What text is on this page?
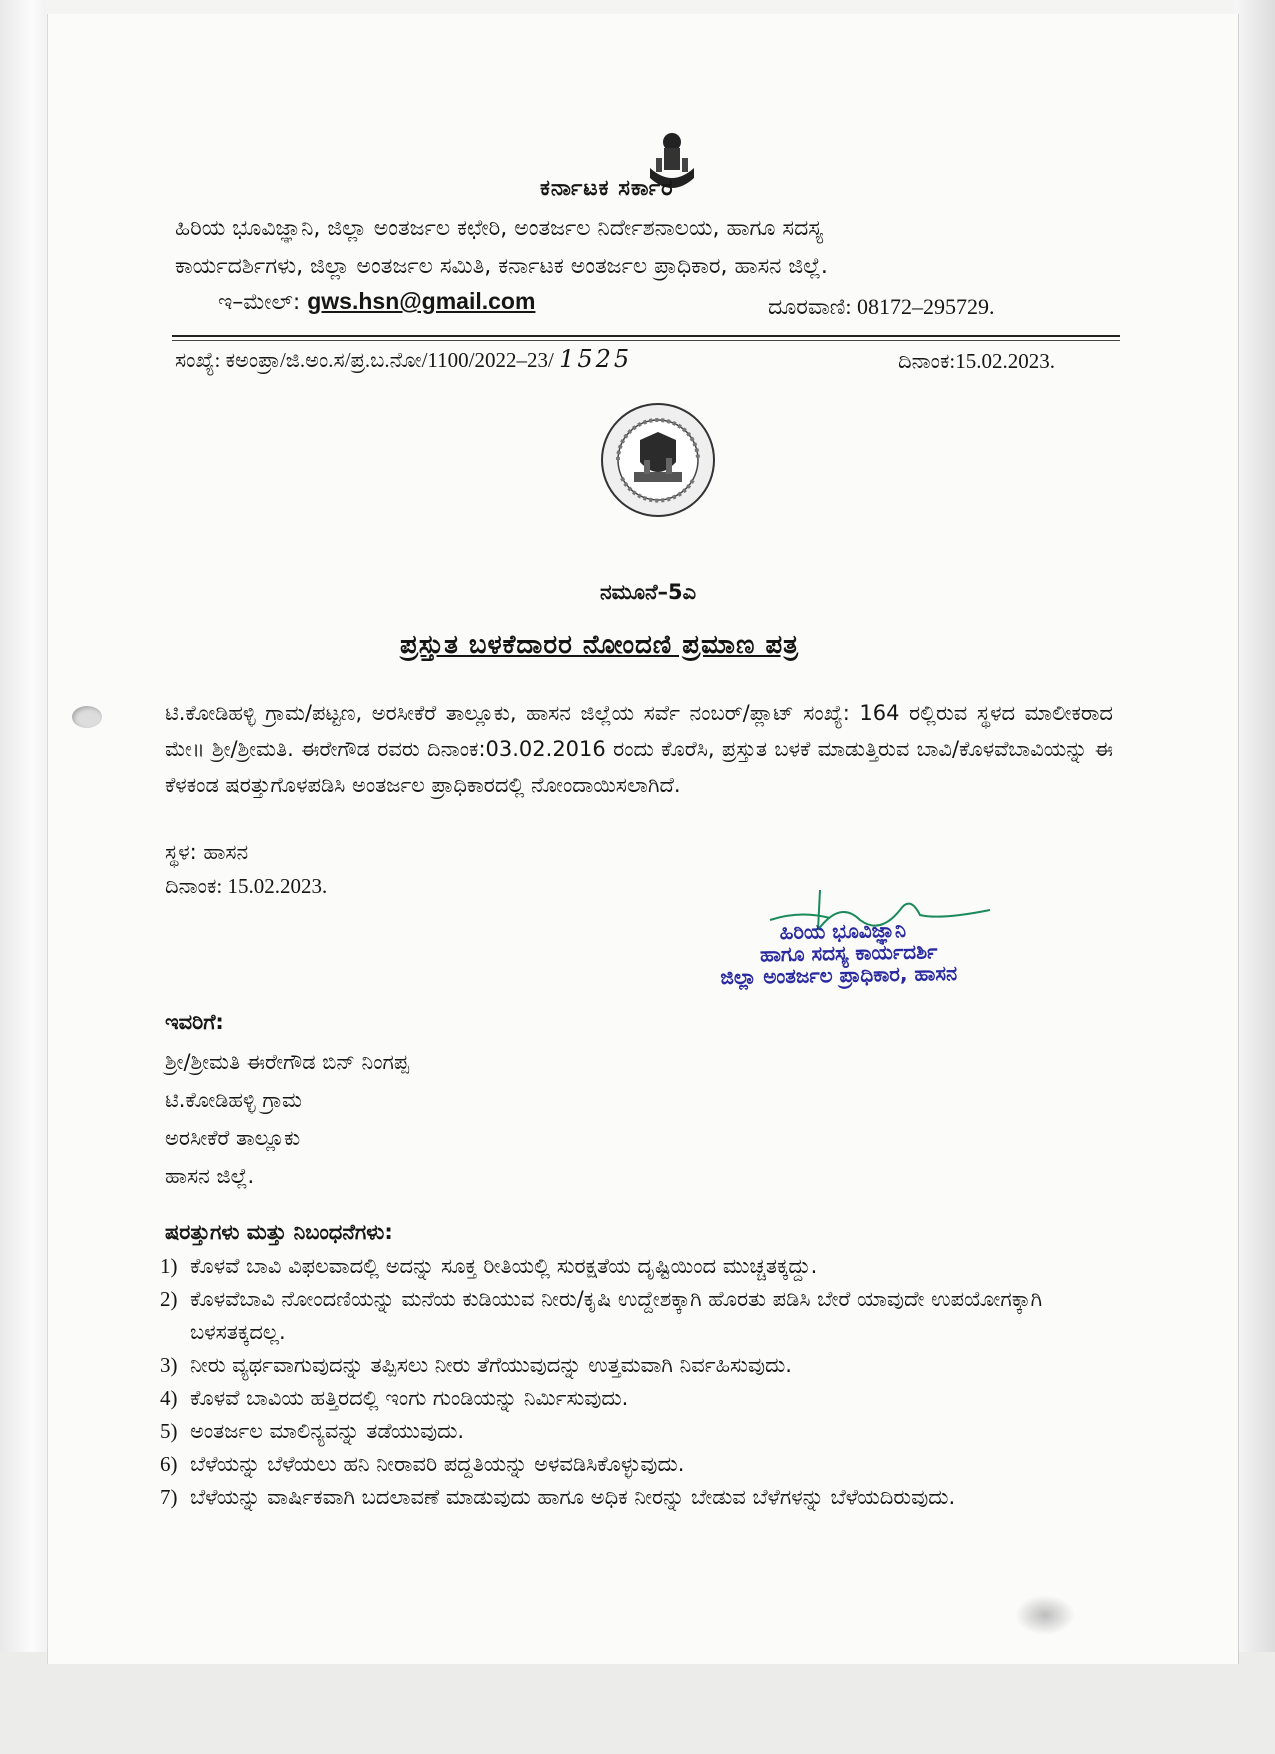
ಕರ್ನಾಟಕ ಸರ್ಕಾರ
ಹಿರಿಯ ಭೂವಿಜ್ಞಾನಿ, ಜಿಲ್ಲಾ ಅಂತರ್ಜಲ ಕಛೇರಿ, ಅಂತರ್ಜಲ ನಿರ್ದೇಶನಾಲಯ, ಹಾಗೂ ಸದಸ್ಯ
ಕಾರ್ಯದರ್ಶಿಗಳು, ಜಿಲ್ಲಾ ಅಂತರ್ಜಲ ಸಮಿತಿ, ಕರ್ನಾಟಕ ಅಂತರ್ಜಲ ಪ್ರಾಧಿಕಾರ, ಹಾಸನ ಜಿಲ್ಲೆ.
ಇ–ಮೇಲ್: gws.hsn@gmail.com	ದೂರವಾಣಿ: 08172–295729.
ಸಂಖ್ಯೆ: ಕಅಂಪ್ರಾ/ಜಿ.ಅಂ.ಸ/ಪ್ರ.ಬ.ನೋ/1100/2022–23/ 1525	ದಿನಾಂಕ:15.02.2023.
ನಮೂನೆ–5ಎ
ಪ್ರಸ್ತುತ ಬಳಕೆದಾರರ ನೋಂದಣಿ ಪ್ರಮಾಣ ಪತ್ರ
ಟಿ.ಕೋಡಿಹಳ್ಳಿ ಗ್ರಾಮ/ಪಟ್ಟಣ, ಅರಸೀಕೆರೆ ತಾಲ್ಲೂಕು, ಹಾಸನ ಜಿಲ್ಲೆಯ ಸರ್ವೆ ನಂಬರ್/ಪ್ಲಾಟ್ ಸಂಖ್ಯೆ: 164 ರಲ್ಲಿರುವ ಸ್ಥಳದ ಮಾಲೀಕರಾದ ಮೇ॥ ಶ್ರೀ/ಶ್ರೀಮತಿ. ಈರೇಗೌಡ ರವರು ದಿನಾಂಕ:03.02.2016 ರಂದು ಕೊರೆಸಿ, ಪ್ರಸ್ತುತ ಬಳಕೆ ಮಾಡುತ್ತಿರುವ ಬಾವಿ/ಕೊಳವೆಬಾವಿಯನ್ನು ಈ ಕೆಳಕಂಡ ಷರತ್ತುಗೊಳಪಡಿಸಿ ಅಂತರ್ಜಲ ಪ್ರಾಧಿಕಾರದಲ್ಲಿ ನೋಂದಾಯಿಸಲಾಗಿದೆ.
ಸ್ಥಳ: ಹಾಸನ
ದಿನಾಂಕ: 15.02.2023.
ಹಿರಿಯ ಭೂವಿಜ್ಞಾನಿ
ಹಾಗೂ ಸದಸ್ಯ ಕಾರ್ಯದರ್ಶಿ
ಜಿಲ್ಲಾ ಅಂತರ್ಜಲ ಪ್ರಾಧಿಕಾರ, ಹಾಸನ
ಇವರಿಗೆ:
ಶ್ರೀ/ಶ್ರೀಮತಿ ಈರೇಗೌಡ ಬಿನ್ ನಿಂಗಪ್ಪ
ಟಿ.ಕೋಡಿಹಳ್ಳಿ ಗ್ರಾಮ
ಅರಸೀಕೆರೆ ತಾಲ್ಲೂಕು
ಹಾಸನ ಜಿಲ್ಲೆ.
ಷರತ್ತುಗಳು ಮತ್ತು ನಿಬಂಧನೆಗಳು:
1) ಕೊಳವೆ ಬಾವಿ ವಿಫಲವಾದಲ್ಲಿ ಅದನ್ನು ಸೂಕ್ತ ರೀತಿಯಲ್ಲಿ ಸುರಕ್ಷತೆಯ ದೃಷ್ಟಿಯಿಂದ ಮುಚ್ಚತಕ್ಕದ್ದು.
2) ಕೊಳವೆಬಾವಿ ನೋಂದಣಿಯನ್ನು ಮನೆಯ ಕುಡಿಯುವ ನೀರು/ಕೃಷಿ ಉದ್ದೇಶಕ್ಕಾಗಿ ಹೊರತು ಪಡಿಸಿ ಬೇರೆ ಯಾವುದೇ ಉಪಯೋಗಕ್ಕಾಗಿ ಬಳಸತಕ್ಕದಲ್ಲ.
3) ನೀರು ವ್ಯರ್ಥವಾಗುವುದನ್ನು ತಪ್ಪಿಸಲು ನೀರು ತೆಗೆಯುವುದನ್ನು ಉತ್ತಮವಾಗಿ ನಿರ್ವಹಿಸುವುದು.
4) ಕೊಳವೆ ಬಾವಿಯ ಹತ್ತಿರದಲ್ಲಿ ಇಂಗು ಗುಂಡಿಯನ್ನು ನಿರ್ಮಿಸುವುದು.
5) ಅಂತರ್ಜಲ ಮಾಲಿನ್ಯವನ್ನು ತಡೆಯುವುದು.
6) ಬೆಳೆಯನ್ನು ಬೆಳೆಯಲು ಹನಿ ನೀರಾವರಿ ಪದ್ದತಿಯನ್ನು ಅಳವಡಿಸಿಕೊಳ್ಳುವುದು.
7) ಬೆಳೆಯನ್ನು ವಾರ್ಷಿಕವಾಗಿ ಬದಲಾವಣೆ ಮಾಡುವುದು ಹಾಗೂ ಅಧಿಕ ನೀರನ್ನು ಬೇಡುವ ಬೆಳೆಗಳನ್ನು ಬೆಳೆಯದಿರುವುದು.
